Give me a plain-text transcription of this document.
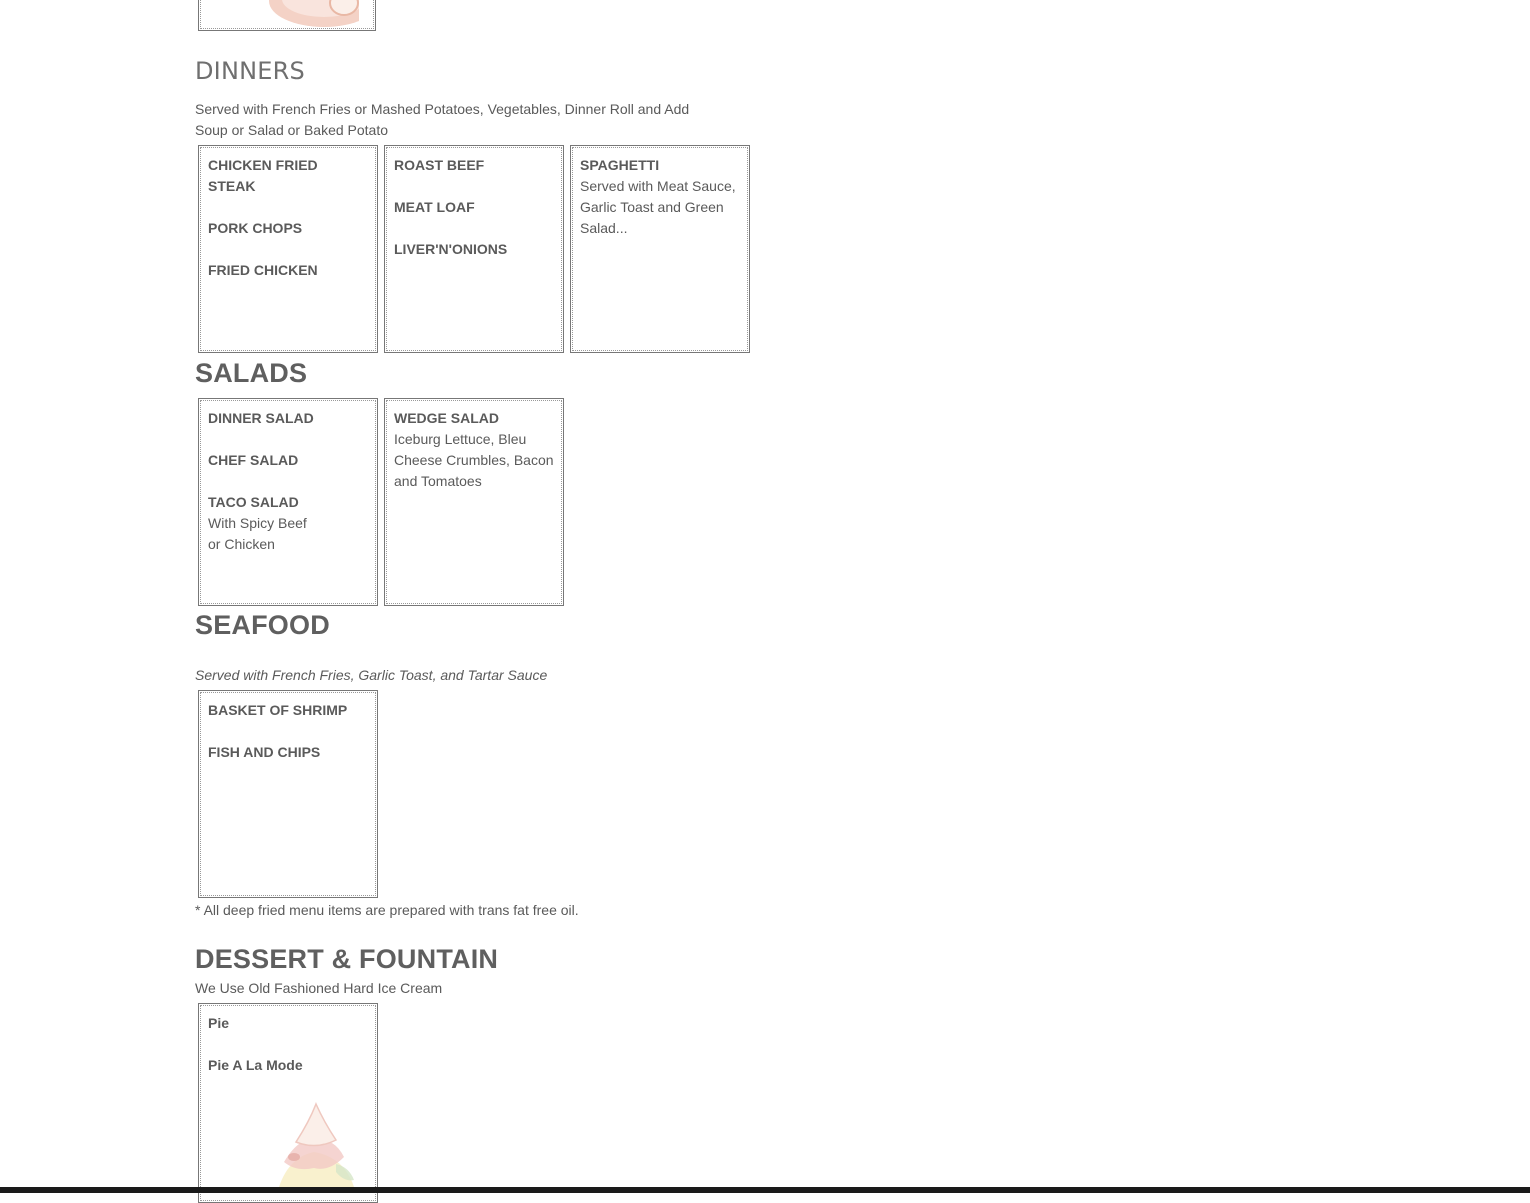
DINNERS
Served with French Fries or Mashed Potatoes, Vegetables, Dinner Roll and Add
Soup or Salad or Baked Potato
CHICKEN FRIED STEAK
PORK CHOPS
FRIED CHICKEN
ROAST BEEF
MEAT LOAF
LIVER'N'ONIONS
SPAGHETTI
Served with Meat Sauce, Garlic Toast and Green Salad...
SALADS
DINNER SALAD
CHEF SALAD
TACO SALAD
With Spicy Beef
or Chicken
WEDGE SALAD
Iceburg Lettuce, Bleu Cheese Crumbles, Bacon and Tomatoes
SEAFOOD
Served with French Fries, Garlic Toast, and Tartar Sauce
BASKET OF SHRIMP
FISH AND CHIPS
* All deep fried menu items are prepared with trans fat free oil.
DESSERT & FOUNTAIN
We Use Old Fashioned Hard Ice Cream
Pie
Pie A La Mode
